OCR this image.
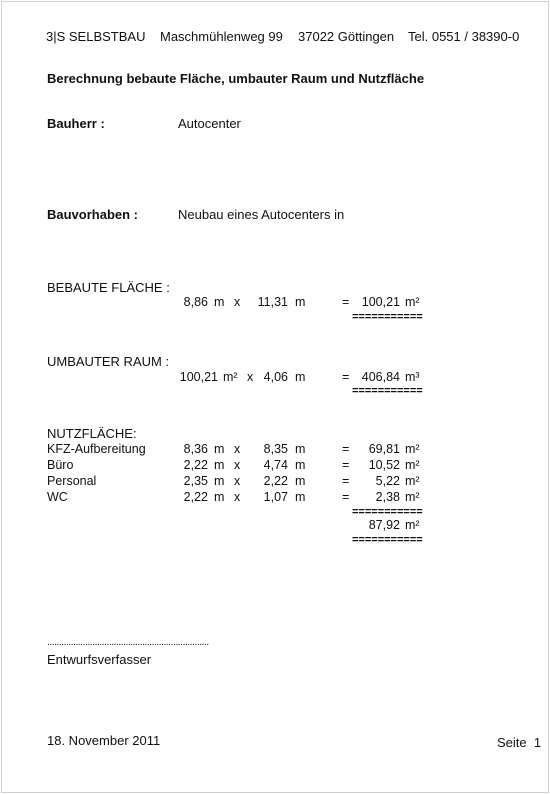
3|S SELBSTBAU Maschmühlenweg 99 37022 Göttingen Tel. 0551 / 38390-0
Berechnung bebaute Fläche, umbauter Raum und Nutzfläche
Bauherr :	Autocenter
Bauvorhaben :	Neubau eines Autocenters in
BEBAUTE FLÄCHE :
8,86 m x	11,31 m	= 100,21 m²
===========
UMBAUTER RAUM :
100,21 m² x 4,06 m	= 406,84 m³
===========
NUTZFLÄCHE:
KFZ-Aufbereitung	8,36 m x	8,35 m	=	69,81 m²
Büro	2,22 m x	4,74 m	=	10,52 m²
Personal	2,35 m x	2,22 m	=	5,22 m²
WC	2,22 m x	1,07 m	=	2,38 m²
===========
87,92 m²
===========
....................................................................
Entwurfsverfasser
18. November 2011	Seite  1
